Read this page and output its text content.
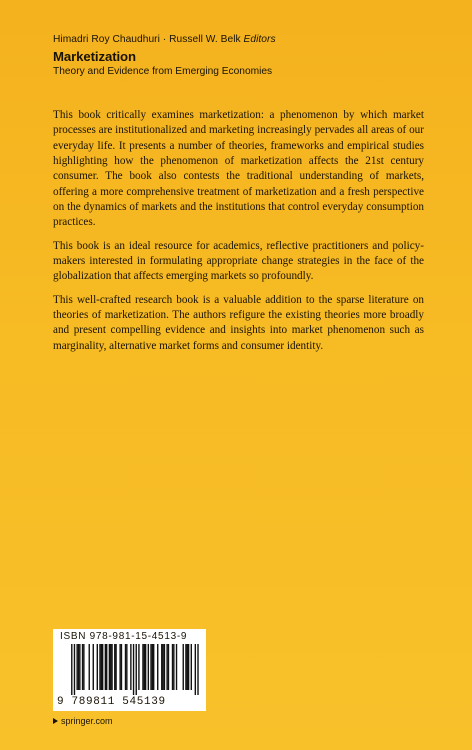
Himadri Roy Chaudhuri · Russell W. Belk Editors
Marketization
Theory and Evidence from Emerging Economies

This book critically examines marketization: a phenomenon by which market processes are institutionalized and marketing increasingly pervades all areas of our everyday life. It presents a number of theories, frameworks and empirical studies highlighting how the phenomenon of marketization affects the 21st century consumer. The book also contests the traditional understanding of markets, offering a more comprehensive treatment of marketization and a fresh perspective on the dynamics of markets and the institutions that control everyday consumption practices.

This book is an ideal resource for academics, reflective practitioners and policy-makers interested in formulating appropriate change strategies in the face of the globalization that affects emerging markets so profoundly.

This well-crafted research book is a valuable addition to the sparse literature on theories of marketization. The authors refigure the existing theories more broadly and present compelling evidence and insights into market phenomenon such as marginality, alternative market forms and consumer identity.

ISBN 978-981-15-4513-9
9 789811 545139
springer.com
